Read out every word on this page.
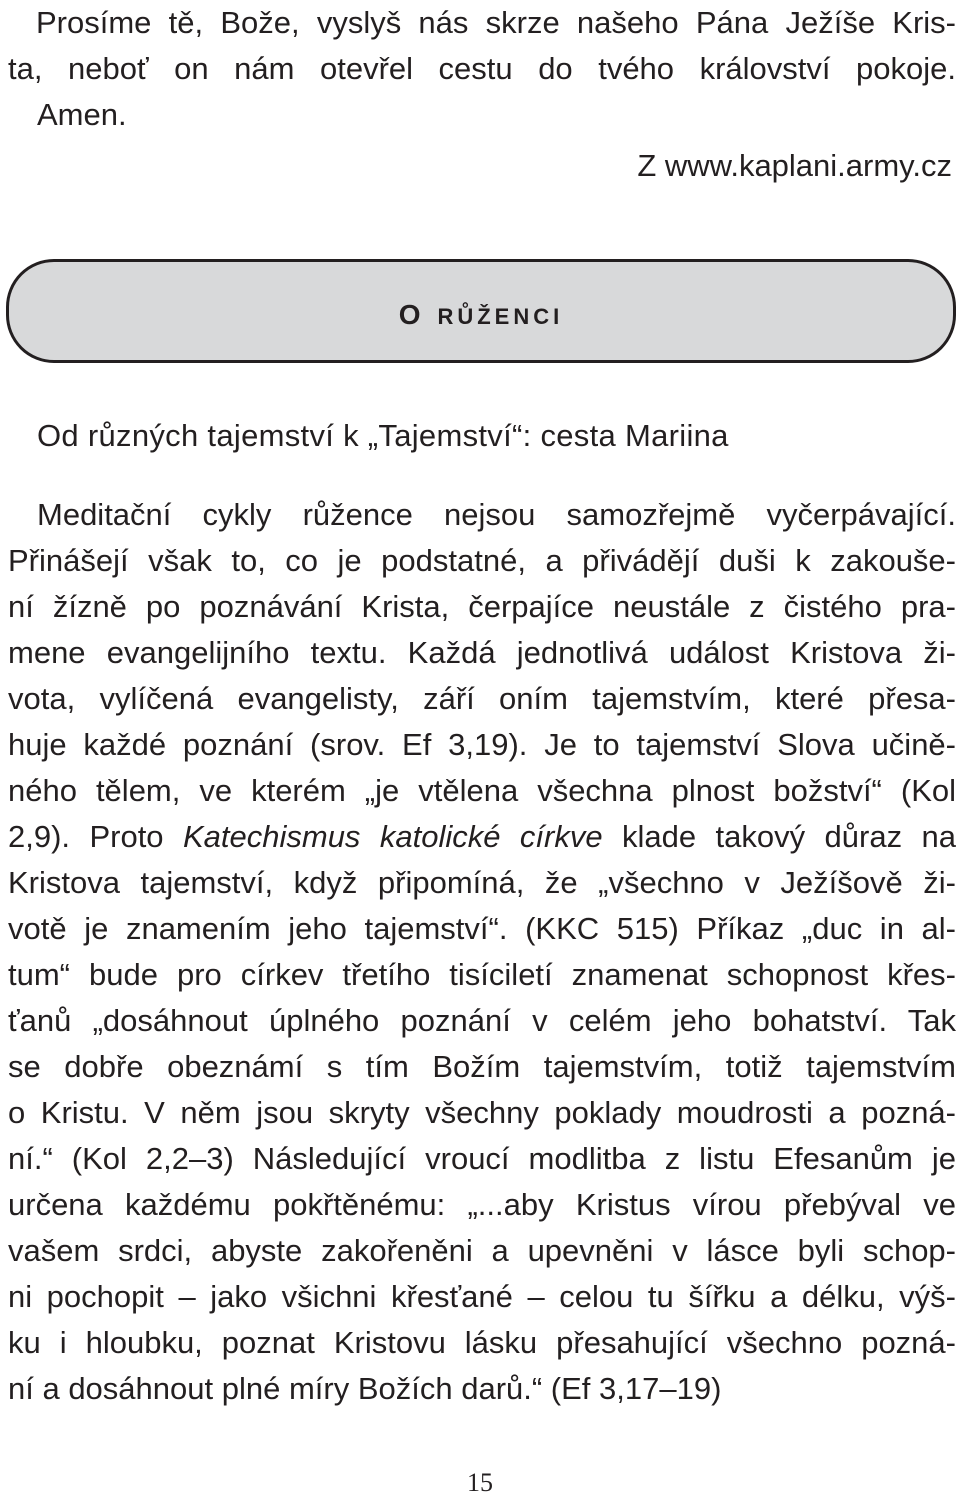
Prosíme tě, Bože, vyslyš nás skrze našeho Pána Ježíše Kris-
ta, neboť on nám otevřel cestu do tvého království pokoje.
Amen.

Z www.kaplani.army.cz

o růženci
Od různých tajemství k „Tajemství“: cesta Mariina
Meditační cykly růžence nejsou samozřejmě vyčerpávající.
Přinášejí však to, co je podstatné, a přivádějí duši k zakouše-
ní žízně po poznávání Krista, čerpajíce neustále z čistého pra-
mene evangelijního textu. Každá jednotlivá událost Kristova ži-
vota, vylíčená evangelisty, září oním tajemstvím, které přesa-
huje každé poznání (srov. Ef 3,19). Je to tajemství Slova učině-
ného tělem, ve kterém „je vtělena všechna plnost božství“ (Kol
2,9). Proto Katechismus katolické církve klade takový důraz na
Kristova tajemství, když připomíná, že „všechno v Ježíšově ži-
votě je znamením jeho tajemství“. (KKC 515) Příkaz „duc in al-
tum“ bude pro církev třetího tisíciletí znamenat schopnost křes-
ťanů „dosáhnout úplného poznání v celém jeho bohatství. Tak
se dobře obeznámí s tím Božím tajemstvím, totiž tajemstvím
o Kristu. V něm jsou skryty všechny poklady moudrosti a pozná-
ní.“ (Kol 2,2–3) Následující vroucí modlitba z listu Efesanům je
určena každému pokřtěnému: „...aby Kristus vírou přebýval ve
vašem srdci, abyste zakořeněni a upevněni v lásce byli schop-
ni pochopit – jako všichni křesťané – celou tu šířku a délku, výš-
ku i hloubku, poznat Kristovu lásku přesahující všechno pozná-
ní a dosáhnout plné míry Božích darů.“ (Ef 3,17–19)

15
